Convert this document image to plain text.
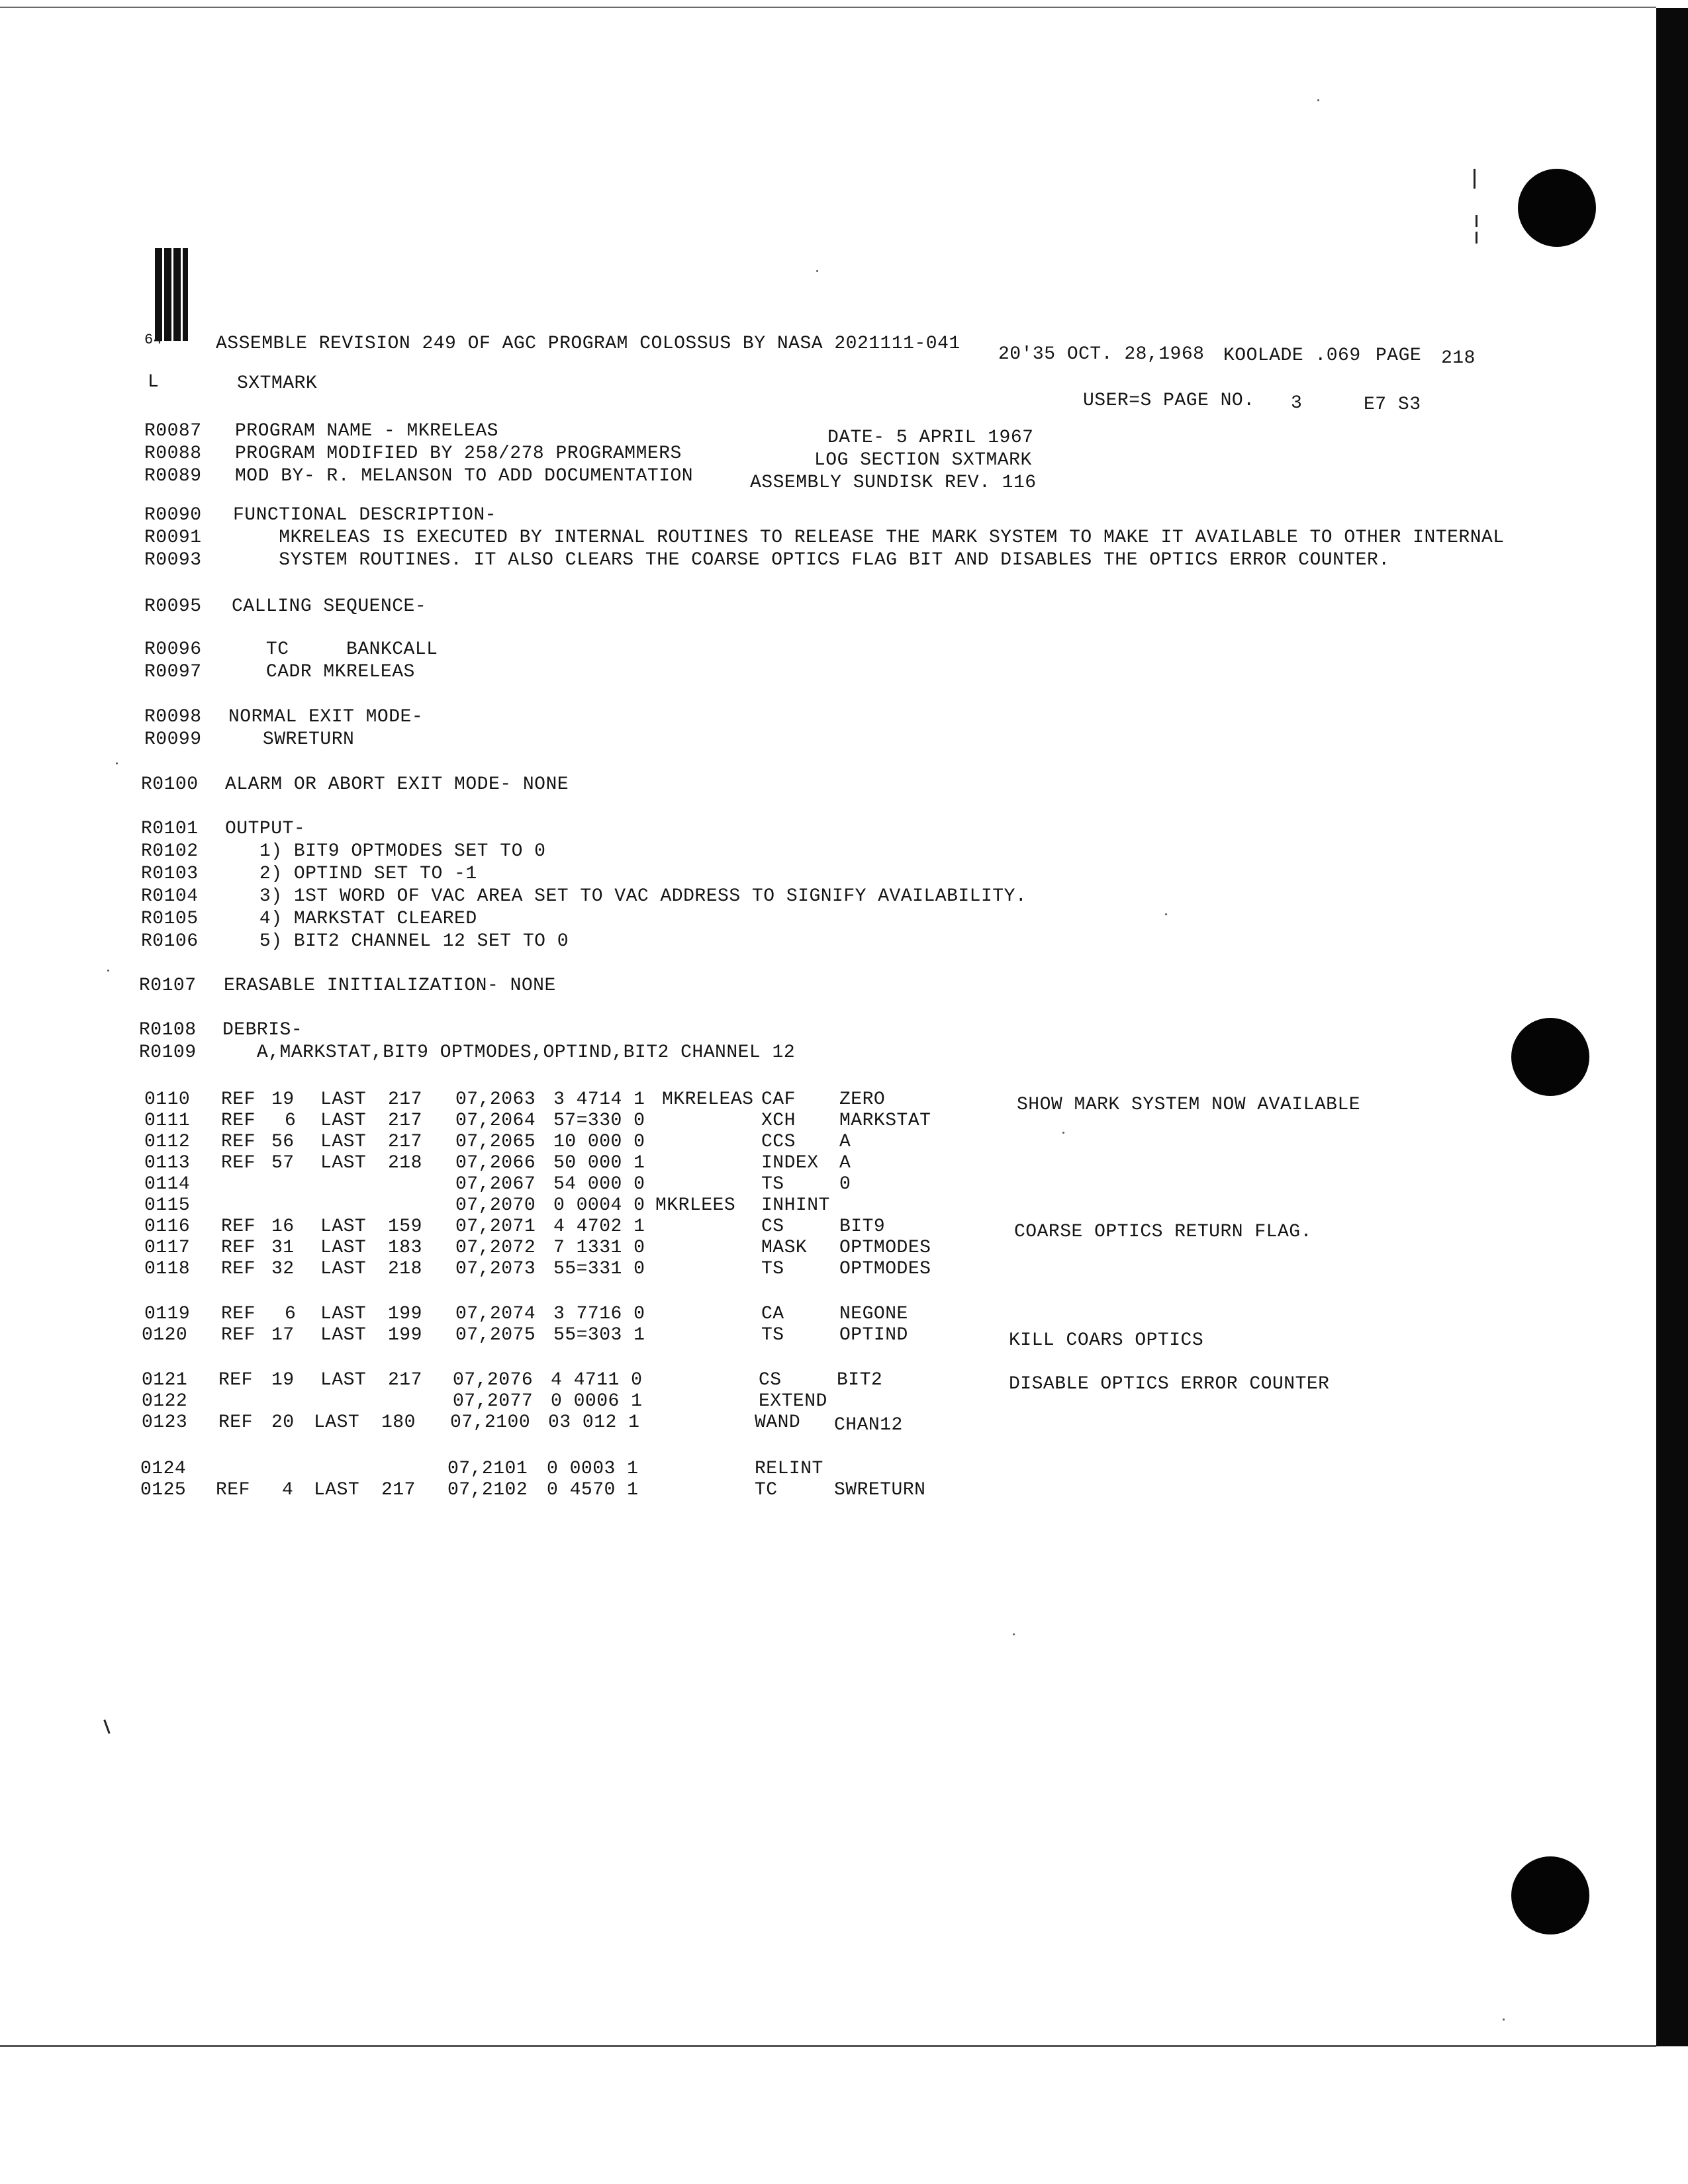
64	ASSEMBLE REVISION 249 OF AGC PROGRAM COLOSSUS BY NASA 2021111-041
20'35 OCT. 28,1968 KOOLADE .069 PAGE 218
L	SXTMARK
USER=S PAGE NO. 3	E7 S3
R0087 PROGRAM NAME - MKRELEAS	DATE- 5 APRIL 1967
R0088 PROGRAM MODIFIED BY 258/278 PROGRAMMERS	LOG SECTION SXTMARK
R0089 MOD BY- R. MELANSON TO ADD DOCUMENTATION	ASSEMBLY SUNDISK REV. 116
R0090 FUNCTIONAL DESCRIPTION-
R0091 MKRELEAS IS EXECUTED BY INTERNAL ROUTINES TO RELEASE THE MARK SYSTEM TO MAKE IT AVAILABLE TO OTHER INTERNAL
R0093 SYSTEM ROUTINES. IT ALSO CLEARS THE COARSE OPTICS FLAG BIT AND DISABLES THE OPTICS ERROR COUNTER.
R0095 CALLING SEQUENCE-
R0096 TC     BANKCALL
R0097 CADR MKRELEAS
R0098 NORMAL EXIT MODE-
R0099 SWRETURN
R0100 ALARM OR ABORT EXIT MODE- NONE
R0101 OUTPUT-
R0102 1) BIT9 OPTMODES SET TO 0
R0103 2) OPTIND SET TO -1
R0104 3) 1ST WORD OF VAC AREA SET TO VAC ADDRESS TO SIGNIFY AVAILABILITY.
R0105 4) MARKSTAT CLEARED
R0106 5) BIT2 CHANNEL 12 SET TO 0
R0107 ERASABLE INITIALIZATION- NONE
R0108 DEBRIS-
R0109 A,MARKSTAT,BIT9 OPTMODES,OPTIND,BIT2 CHANNEL 12
0110 REF 19 LAST 217 07,2063 3 4714 1 MKRELEAS CAF ZERO	SHOW MARK SYSTEM NOW AVAILABLE
0111 REF 6 LAST 217 07,2064 57=330 0	XCH MARKSTAT
0112 REF 56 LAST 217 07,2065 10 000 0	CCS A
0113 REF 57 LAST 218 07,2066 50 000 1	INDEX A
0114	07,2067 54 000 0	TS	0
0115	07,2070 0 0004 0 MKRLEES INHINT
0116 REF 16 LAST 159 07,2071 4 4702 1	CS	BIT9	COARSE OPTICS RETURN FLAG.
0117 REF 31 LAST 183 07,2072 7 1331 0	MASK OPTMODES
0118 REF 32 LAST 218 07,2073 55=331 0	TS	OPTMODES
0119 REF 6 LAST 199 07,2074 3 7716 0	CA	NEGONE
0120 REF 17 LAST 199 07,2075 55=303 1	TS	OPTIND	KILL COARS OPTICS
0121 REF 19 LAST 217 07,2076 4 4711 0	CS	BIT2	DISABLE OPTICS ERROR COUNTER
0122	07,2077 0 0006 1	EXTEND
0123 REF 20 LAST 180 07,2100 03 012 1	WAND CHAN12
0124	07,2101 0 0003 1	RELINT
0125 REF 4 LAST 217 07,2102 0 4570 1	TC	SWRETURN
